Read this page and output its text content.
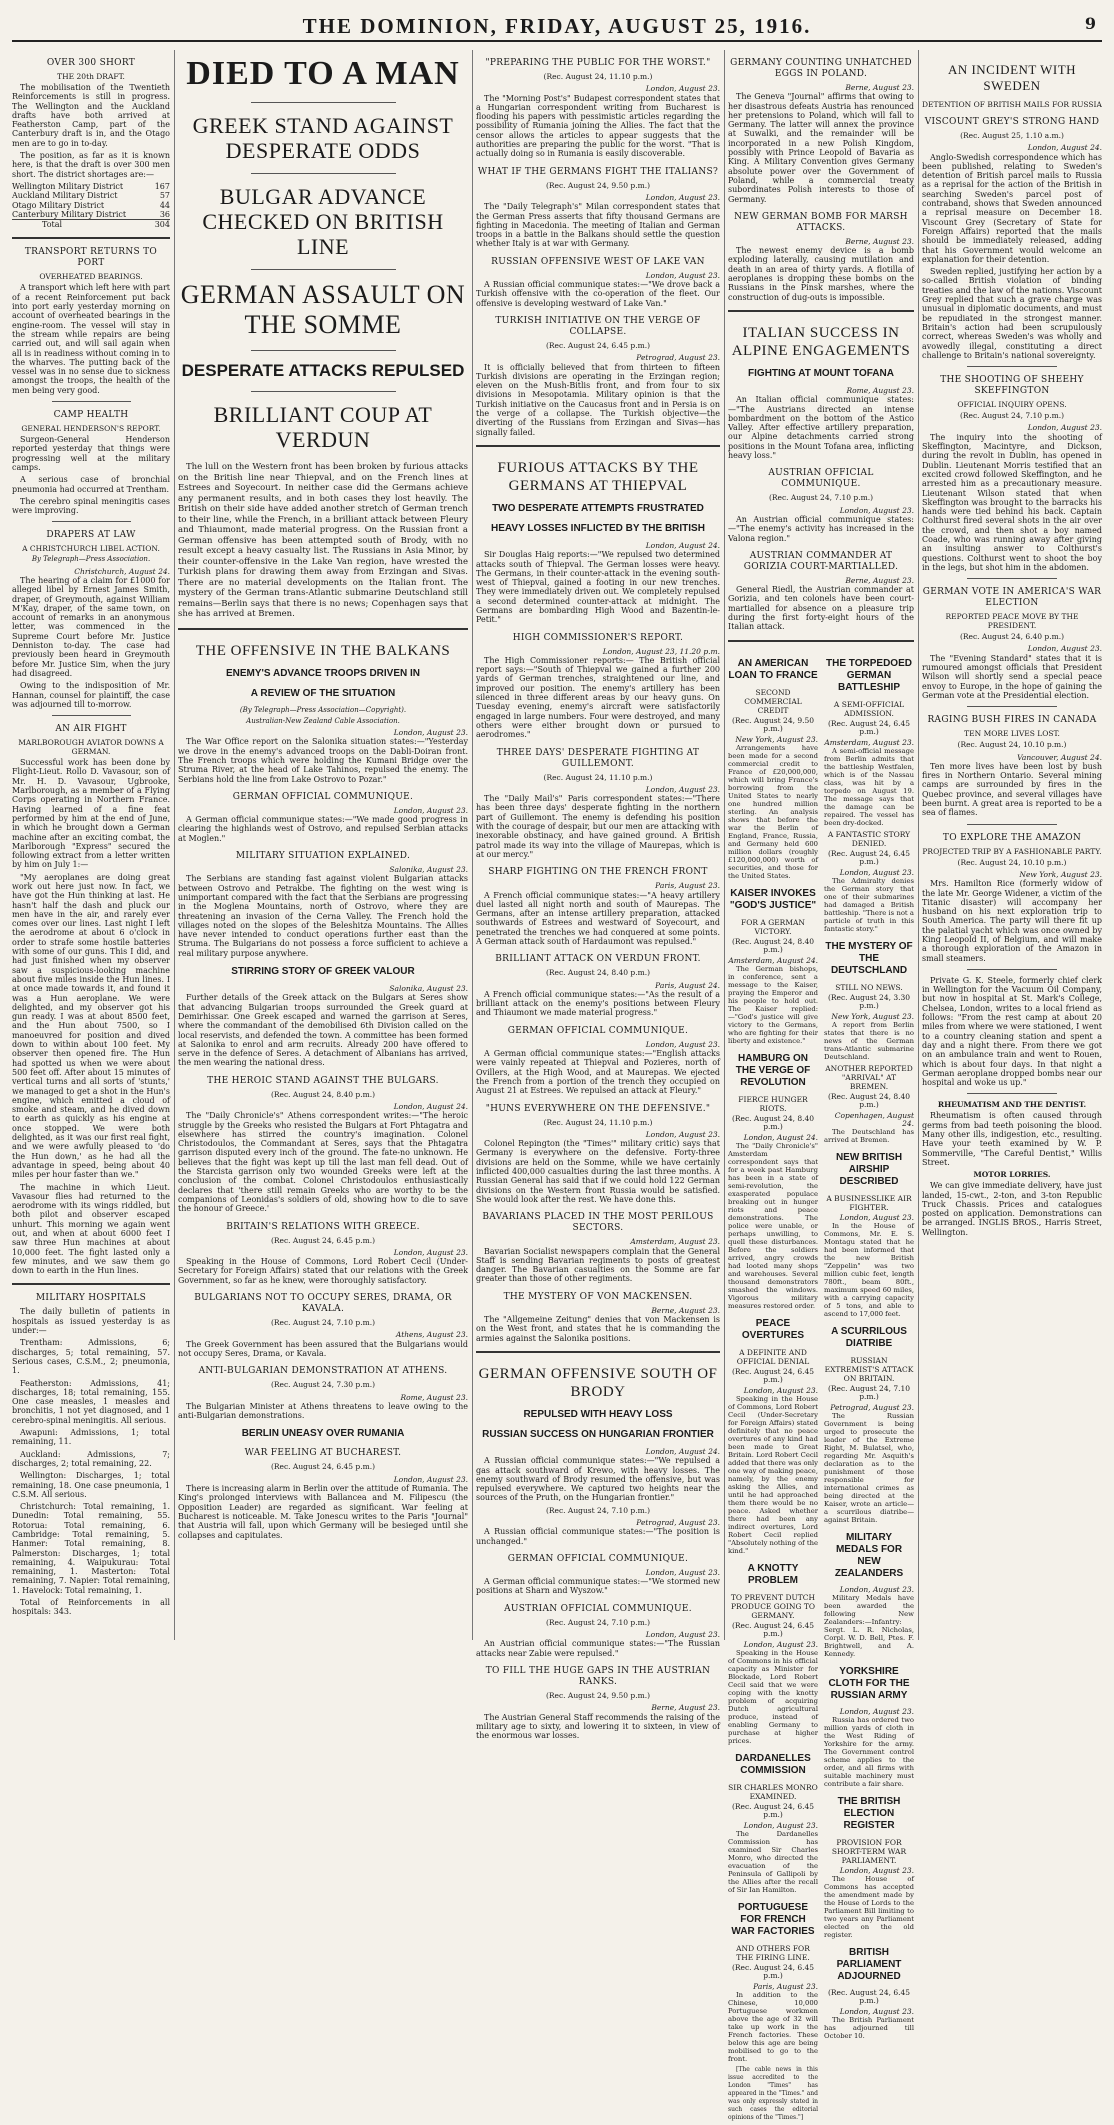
THE DOMINION, FRIDAY, AUGUST 25, 1916.	9
OVER 300 SHORT
THE 20th DRAFT.

The mobilisation of the Twentieth Reinforcements is still in progress. The Wellington and the Auckland drafts have both arrived at Featherston Camp, part of the Canterbury draft is in, and the Otago men are to go in to-day.

The position, as far as it is known here, is that the draft is over 300 men short. The district shortages are:—

Wellington Military District	167
Auckland Military District	57
Otago Military District	44
Canterbury Military District	36
Total	304
TRANSPORT RETURNS TO PORT
OVERHEATED BEARINGS.

A transport which left here with part of a recent Reinforcement put back into port early yesterday morning on account of overheated bearings in the engine-room. The vessel will stay in the stream while repairs are being carried out, and will sail again when all is in readiness without coming in to the wharves. The putting back of the vessel was in no sense due to sickness amongst the troops, the health of the men being very good.

CAMP HEALTH
GENERAL HENDERSON'S REPORT.

Surgeon-General Henderson reported yesterday that things were progressing well at the military camps.

A serious case of bronchial pneumonia had occurred at Trentham.

The cerebro spinal meningitis cases were improving.

DRAPERS AT LAW
A CHRISTCHURCH LIBEL ACTION.
By Telegraph—Press Association.
Christchurch, August 24.

The hearing of a claim for £1000 for alleged libel by Ernest James Smith, draper, of Greymouth, against William M'Kay, draper, of the same town, on account of remarks in an anonymous letter, was commenced in the Supreme Court before Mr. Justice Denniston to-day. The case had previously been heard in Greymouth before Mr. Justice Sim, when the jury had disagreed.

Owing to the indisposition of Mr. Hannan, counsel for plaintiff, the case was adjourned till to-morrow.

AN AIR FIGHT
MARLBOROUGH AVIATOR DOWNS A GERMAN.

Successful work has been done by Flight-Lieut. Rollo D. Vavasour, son of Mr. H. D. Vavasour, Ugbrooke, Marlborough, as a member of a Flying Corps operating in Northern France. Having learned of a fine feat performed by him at the end of June, in which he brought down a German machine after an exciting combat, the Marlborough "Express" secured the following extract from a letter written by him on July 1:—

"My aeroplanes are doing great work out here just now. In fact, we have got the Hun thinking at last. He hasn't half the dash and pluck our men have in the air, and rarely ever comes over our lines. Last night I left the aerodrome at about 6 o'clock in order to strafe some hostile batteries with some of our guns. This I did, and had just finished when my observer saw a suspicious-looking machine about five miles inside the Hun lines. I at once made towards it, and found it was a Hun aeroplane. We were delighted, and my observer got his gun ready. I was at about 8500 feet, and the Hun about 7500, so I manoeuvred for position and dived down to within about 100 feet. My observer then opened fire. The Hun had spotted us when we were about 500 feet off. After about 15 minutes of vertical turns and all sorts of 'stunts,' we managed to get a shot in the Hun's engine, which emitted a cloud of smoke and steam, and he dived down to earth as quickly as his engine at once stopped. We were both delighted, as it was our first real fight, and we were awfully pleased to 'do the Hun down,' as he had all the advantage in speed, being about 40 miles per hour faster than we."

The machine in which Lieut. Vavasour flies had returned to the aerodrome with its wings riddled, but both pilot and observer escaped unhurt. This morning we again went out, and when at about 6000 feet I saw three Hun machines at about 10,000 feet. The fight lasted only a few minutes, and we saw them go down to earth in the Hun lines.

MILITARY HOSPITALS

The daily bulletin of patients in hospitals as issued yesterday is as under:—

Trentham: Admissions, 6; discharges, 5; total remaining, 57. Serious cases, C.S.M., 2; pneumonia, 1.

Featherston: Admissions, 41; discharges, 18; total remaining, 155. One case measles, 1 measles and bronchitis, 1 not yet diagnosed, and 1 cerebro-spinal meningitis. All serious.

Awapuni: Admissions, 1; total remaining, 11.

Auckland: Admissions, 7; discharges, 2; total remaining, 22.

Wellington: Discharges, 1; total remaining, 18. One case pneumonia, 1 C.S.M. All serious.

Christchurch: Total remaining, 1. Dunedin: Total remaining, 55. Rotorua: Total remaining, 6. Cambridge: Total remaining, 5. Hanmer: Total remaining, 8. Palmerston: Discharges, 1; total remaining, 4. Waipukurau: Total remaining, 1. Masterton: Total remaining, 7. Napier: Total remaining, 1. Havelock: Total remaining, 1.

Total of Reinforcements in all hospitals: 343.

DIED TO A MAN
GREEK STAND AGAINST DESPERATE ODDS
BULGAR ADVANCE CHECKED ON BRITISH LINE
GERMAN ASSAULT ON THE SOMME
DESPERATE ATTACKS REPULSED
BRILLIANT COUP AT VERDUN

The lull on the Western front has been broken by furious attacks on the British line near Thiepval, and on the French lines at Estrees and Soyecourt. In neither case did the Germans achieve any permanent results, and in both cases they lost heavily. The British on their side have added another stretch of German trench to their line, while the French, in a brilliant attack between Fleury and Thiaumont, made material progress. On the Russian front a German offensive has been attempted south of Brody, with no result except a heavy casualty list. The Russians in Asia Minor, by their counter-offensive in the Lake Van region, have wrested the Turkish plans for drawing them away from Erzingan and Sivas. There are no material developments on the Italian front. The mystery of the German trans-Atlantic submarine Deutschland still remains—Berlin says that there is no news; Copenhagen says that she has arrived at Bremen.

THE OFFENSIVE IN THE BALKANS
ENEMY'S ADVANCE TROOPS DRIVEN IN
A REVIEW OF THE SITUATION
(By Telegraph—Press Association—Copyright).
Australian-New Zealand Cable Association.
London, August 23.

The War Office report on the Salonika situation states:—"Yesterday we drove in the enemy's advanced troops on the Dabli-Doiran front. The French troops which were holding the Kumani Bridge over the Struma River, at the head of Lake Tahinos, repulsed the enemy. The Serbians hold the line from Lake Ostrovo to Pozar."

GERMAN OFFICIAL COMMUNIQUE.
London, August 23.

A German official communique states:—"We made good progress in clearing the highlands west of Ostrovo, and repulsed Serbian attacks at Moglen."

MILITARY SITUATION EXPLAINED.
Salonika, August 23.

The Serbians are standing fast against violent Bulgarian attacks between Ostrovo and Petrakbe. The fighting on the west wing is unimportant compared with the fact that the Serbians are progressing in the Moglena Mountains, north of Ostrovo, where they are threatening an invasion of the Cerna Valley. The French hold the villages noted on the slopes of the Beleshitza Mountains. The Allies have never intended to conduct operations further east than the Struma. The Bulgarians do not possess a force sufficient to achieve a real military purpose anywhere.

STIRRING STORY OF GREEK VALOUR
Salonika, August 23.

Further details of the Greek attack on the Bulgars at Seres show that advancing Bulgarian troops surrounded the Greek guard at Demirhissar. One Greek escaped and warned the garrison at Seres, where the commandant of the demobilised 6th Division called on the local reservists, and defended the town. A committee has been formed at Salonika to enrol and arm recruits. Already 200 have offered to serve in the defence of Seres. A detachment of Albanians has arrived, the men wearing the national dress.

THE HEROIC STAND AGAINST THE BULGARS.
(Rec. August 24, 8.40 p.m.)
London, August 24.

The "Daily Chronicle's" Athens correspondent writes:—"The heroic struggle by the Greeks who resisted the Bulgars at Fort Phtagatra and elsewhere has stirred the country's imagination. Colonel Christodoulos, the Commandant at Seres, says that the Phtagatra garrison disputed every inch of the ground. The fate-no unknown. He believes that the fight was kept up till the last man fell dead. Out of the Starcista garrison only two wounded Greeks were left at the conclusion of the combat. Colonel Christodoulos enthusiastically declares that 'there still remain Greeks who are worthy to be the companions of Leonidas's soldiers of old, showing how to die to save the honour of Greece.'

BRITAIN'S RELATIONS WITH GREECE.
(Rec. August 24, 6.45 p.m.)
London, August 23.

Speaking in the House of Commons, Lord Robert Cecil (Under-Secretary for Foreign Affairs) stated that our relations with the Greek Government, so far as he knew, were thoroughly satisfactory.

BULGARIANS NOT TO OCCUPY SERES, DRAMA, OR KAVALA.
(Rec. August 24, 7.10 p.m.)
Athens, August 23.

The Greek Government has been assured that the Bulgarians would not occupy Seres, Drama, or Kavala.

ANTI-BULGARIAN DEMONSTRATION AT ATHENS.
(Rec. August 24, 7.30 p.m.)
Rome, August 23.

The Bulgarian Minister at Athens threatens to leave owing to the anti-Bulgarian demonstrations.

BERLIN UNEASY OVER RUMANIA
WAR FEELING AT BUCHAREST.
(Rec. August 24, 6.45 p.m.)
London, August 23.

There is increasing alarm in Berlin over the attitude of Rumania. The King's prolonged interviews with Ballancea and M. Filipescu (the Opposition Leader) are regarded as significant. War feeling at Bucharest is noticeable. M. Take Jonescu writes to the Paris "Journal" that Austria will fall, upon which Germany will be besieged until she collapses and capitulates.

"PREPARING THE PUBLIC FOR THE WORST."
(Rec. August 24, 11.10 p.m.)
London, August 23.

The "Morning Post's" Budapest correspondent states that a Hungarian correspondent writing from Bucharest is flooding his papers with pessimistic articles regarding the possibility of Rumania joining the Allies. The fact that the censor allows the articles to appear suggests that the authorities are preparing the public for the worst. "That is actually doing so in Rumania is easily discoverable.

WHAT IF THE GERMANS FIGHT THE ITALIANS?
(Rec. August 24, 9.50 p.m.)
London, August 23.

The "Daily Telegraph's" Milan correspondent states that the German Press asserts that fifty thousand Germans are fighting in Macedonia. The meeting of Italian and German troops in a battle in the Balkans should settle the question whether Italy is at war with Germany.

RUSSIAN OFFENSIVE WEST OF LAKE VAN
London, August 23.

A Russian official communique states:—"We drove back a Turkish offensive with the co-operation of the fleet. Our offensive is developing westward of Lake Van."

TURKISH INITIATIVE ON THE VERGE OF COLLAPSE.
(Rec. August 24, 6.45 p.m.)
Petrograd, August 23.

It is officially believed that from thirteen to fifteen Turkish divisions are operating in the Erzingan region; eleven on the Mush-Bitlis front, and from four to six divisions in Mesopotamia. Military opinion is that the Turkish initiative on the Caucasus front and in Persia is on the verge of a collapse. The Turkish objective—the diverting of the Russians from Erzingan and Sivas—has signally failed.

FURIOUS ATTACKS BY THE GERMANS AT THIEPVAL
TWO DESPERATE ATTEMPTS FRUSTRATED
HEAVY LOSSES INFLICTED BY THE BRITISH
London, August 24.

Sir Douglas Haig reports:—"We repulsed two determined attacks south of Thiepval. The German losses were heavy. The Germans, in their counter-attack in the evening south-west of Thiepval, gained a footing in our new trenches. They were immediately driven out. We completely repulsed a second determined counter-attack at midnight. The Germans are bombarding High Wood and Bazentin-le-Petit."

HIGH COMMISSIONER'S REPORT.
London, August 23, 11.20 p.m.

The High Commissioner reports:— The British official report says:—"South of Thiepval we gained a further 200 yards of German trenches, straightened our line, and improved our position. The enemy's artillery has been silenced in three different areas by our heavy guns. On Tuesday evening, enemy's aircraft were satisfactorily engaged in large numbers. Four were destroyed, and many others were either brought down or pursued to aerodromes."

THREE DAYS' DESPERATE FIGHTING AT GUILLEMONT.
(Rec. August 24, 11.10 p.m.)
London, August 23.

The "Daily Mail's" Paris correspondent states:—"There has been three days' desperate fighting in the northern part of Guillemont. The enemy is defending his position with the courage of despair, but our men are attacking with inexorable obstinacy, and have gained ground. A British patrol made its way into the village of Maurepas, which is at our mercy."

SHARP FIGHTING ON THE FRENCH FRONT
Paris, August 23.

A French official communique states:—"A heavy artillery duel lasted all night north and south of Maurepas. The Germans, after an intense artillery preparation, attacked southwards of Estrees and westward of Soyecourt, and penetrated the trenches we had conquered at some points. A German attack south of Hardaumont was repulsed."

BRILLIANT ATTACK ON VERDUN FRONT.
(Rec. August 24, 8.40 p.m.)
Paris, August 24.

A French official communique states:—"As the result of a brilliant attack on the enemy's positions between Fleury and Thiaumont we made material progress."

GERMAN OFFICIAL COMMUNIQUE.
London, August 23.

A German official communique states:—"English attacks were vainly repeated at Thiepval and Pozieres, north of Ovillers, at the High Wood, and at Maurepas. We ejected the French from a portion of the trench they occupied on August 21 at Estrees. We repulsed an attack at Fleury."

"HUNS EVERYWHERE ON THE DEFENSIVE."
(Rec. August 24, 11.10 p.m.)
London, August 23.

Colonel Repington (the "Times'" military critic) says that Germany is everywhere on the defensive. Forty-three divisions are held on the Somme, while we have certainly inflicted 400,000 casualties during the last three months. A Russian General has said that if we could hold 122 German divisions on the Western front Russia would be satisfied. She would look after the rest. We have done this.

BAVARIANS PLACED IN THE MOST PERILOUS SECTORS.
Amsterdam, August 23.

Bavarian Socialist newspapers complain that the General Staff is sending Bavarian regiments to posts of greatest danger. The Bavarian casualties on the Somme are far greater than those of other regiments.

THE MYSTERY OF VON MACKENSEN.
Berne, August 23.

The "Allgemeine Zeitung" denies that von Mackensen is on the West front, and states that he is commanding the armies against the Salonika positions.

GERMAN OFFENSIVE SOUTH OF BRODY
REPULSED WITH HEAVY LOSS
RUSSIAN SUCCESS ON HUNGARIAN FRONTIER
London, August 24.

A Russian official communique states:—"We repulsed a gas attack southward of Krewo, with heavy losses. The enemy southward of Brody resumed the offensive, but was repulsed everywhere. We captured two heights near the sources of the Pruth, on the Hungarian frontier."

(Rec. August 24, 7.10 p.m.)
Petrograd, August 23.

A Russian official communique states:—"The position is unchanged."

GERMAN OFFICIAL COMMUNIQUE.
London, August 23.

A German official communique states:—"We stormed new positions at Sharn and Wyszow."

AUSTRIAN OFFICIAL COMMUNIQUE.
(Rec. August 24, 7.10 p.m.)
London, August 23.

An Austrian official communique states:—"The Russian attacks near Zabie were repulsed."

TO FILL THE HUGE GAPS IN THE AUSTRIAN RANKS.
(Rec. August 24, 9.50 p.m.)
Berne, August 23.

The Austrian General Staff recommends the raising of the military age to sixty, and lowering it to sixteen, in view of the enormous war losses.

GERMANY COUNTING UNHATCHED EGGS IN POLAND.
Berne, August 23.

The Geneva "Journal" affirms that owing to her disastrous defeats Austria has renounced her pretensions to Poland, which will fall to Germany. The latter will annex the province at Suwalki, and the remainder will be incorporated in a new Polish Kingdom, possibly with Prince Leopold of Bavaria as King. A Military Convention gives Germany absolute power over the Government of Poland, while a commercial treaty subordinates Polish interests to those of Germany.

NEW GERMAN BOMB FOR MARSH ATTACKS.
Berne, August 23.

The newest enemy device is a bomb exploding laterally, causing mutilation and death in an area of thirty yards. A flotilla of aeroplanes is dropping these bombs on the Russians in the Pinsk marshes, where the construction of dug-outs is impossible.

ITALIAN SUCCESS IN ALPINE ENGAGEMENTS
FIGHTING AT MOUNT TOFANA
Rome, August 23.

An Italian official communique states:—"The Austrians directed an intense bombardment on the bottom of the Astico Valley. After effective artillery preparation, our Alpine detachments carried strong positions in the Mount Tofana area, inflicting heavy loss."

AUSTRIAN OFFICIAL COMMUNIQUE.
(Rec. August 24, 7.10 p.m.)
London, August 23.

An Austrian official communique states:—"The enemy's activity has increased in the Valona region."

AUSTRIAN COMMANDER AT GORIZIA COURT-MARTIALLED.
Berne, August 23.

General Riedl, the Austrian commander at Gorizia, and ten colonels have been court-martialled for absence on a pleasure trip during the first forty-eight hours of the Italian attack.

AN AMERICAN LOAN TO FRANCE
SECOND COMMERCIAL CREDIT
(Rec. August 24, 9.50 p.m.)
New York, August 23.

Arrangements have been made for a second commercial credit to France of £20,000,000, which will bring France's borrowing from the United States to nearly one hundred million sterling. An analysis shows that before the war the Berlin of England, France, Russia, and Germany held 600 million dollars (roughly £120,000,000) worth of securities, and those for the United States.

KAISER INVOKES "GOD'S JUSTICE"
FOR A GERMAN VICTORY.
(Rec. August 24, 8.40 p.m.)
Amsterdam, August 24.

The German bishops, in conference, sent a message to the Kaiser, praying the Emperor and his people to hold out. The Kaiser replied:—"God's justice will give victory to the Germans, who are fighting for their liberty and existence."

HAMBURG ON THE VERGE OF REVOLUTION
FIERCE HUNGER RIOTS.
(Rec. August 24, 8.40 p.m.)
London, August 24.

The "Daily Chronicle's" Amsterdam correspondent says that for a week past Hamburg has been in a state of semi-revolution, the exasperated populace breaking out in hunger riots and peace demonstrations. The police were unable, or perhaps unwilling, to quell these disturbances. Before the soldiers arrived, angry crowds had looted many shops and warehouses. Several thousand demonstrators smashed the windows. Vigorous military measures restored order.

PEACE OVERTURES
A DEFINITE AND OFFICIAL DENIAL
(Rec. August 24, 6.45 p.m.)
London, August 23.

Speaking in the House of Commons, Lord Robert Cecil (Under-Secretary for Foreign Affairs) stated definitely that no peace overtures of any kind had been made to Great Britain. Lord Robert Cecil added that there was only one way of making peace, namely, by the enemy asking the Allies, and until he had approached them there would be no peace. Asked whether there had been any indirect overtures, Lord Robert Cecil replied "Absolutely nothing of the kind."

A KNOTTY PROBLEM
TO PREVENT DUTCH PRODUCE GOING TO GERMANY.
(Rec. August 24, 6.45 p.m.)
London, August 23.

Speaking in the House of Commons in his official capacity as Minister for Blockade, Lord Robert Cecil said that we were coping with the knotty problem of acquiring Dutch agricultural produce, instead of enabling Germany to purchase at higher prices.

DARDANELLES COMMISSION
SIR CHARLES MONRO EXAMINED.
(Rec. August 24, 6.45 p.m.)
London, August 23.

The Dardanelles Commission has examined Sir Charles Monro, who directed the evacuation of the Peninsula of Gallipoli by the Allies after the recall of Sir Ian Hamilton.

PORTUGUESE FOR FRENCH WAR FACTORIES
AND OTHERS FOR THE FIRING LINE.
(Rec. August 24, 6.45 p.m.)
Paris, August 23.

In addition to the Chinese, 10,000 Portuguese workmen above the age of 32 will take up work in the French factories. These below this age are being mobilised to go to the front.

[The cable news in this issue accredited to the London "Times" has appeared in the "Times." and was only expressly stated in such cases the editorial opinions of the "Times."]

THE TORPEDOED GERMAN BATTLESHIP
A SEMI-OFFICIAL ADMISSION.
(Rec. August 24, 6.45 p.m.)
Amsterdam, August 23.

A semi-official message from Berlin admits that the battleship Westfalen, which is of the Nassau class, was hit by a torpedo on August 19. The message says that the damage can be repaired. The vessel has been dry-docked.

A FANTASTIC STORY DENIED.
(Rec. August 24, 6.45 p.m.)
London, August 23.

The Admiralty denies the German story that one of their submarines had damaged a British battleship. "There is not a particle of truth in this fantastic story."

THE MYSTERY OF THE DEUTSCHLAND
STILL NO NEWS.
(Rec. August 24, 3.30 p.m.)
New York, August 23.

A report from Berlin states that there is no news of the German trans-Atlantic submarine Deutschland.

ANOTHER REPORTED "ARRIVAL" AT BREMEN.
(Rec. August 24, 8.40 p.m.)
Copenhagen, August 24.

The Deutschland has arrived at Bremen.

NEW BRITISH AIRSHIP DESCRIBED
A BUSINESSLIKE AIR FIGHTER.
London, August 23.

In the House of Commons, Mr. E. S. Montagu stated that he had been informed that the new British "Zeppelin" was two million cubic feet, length 780ft., beam 80ft., maximum speed 60 miles, with a carrying capacity of 5 tons, and able to ascend to 17,000 feet.

A SCURRILOUS DIATRIBE
RUSSIAN EXTREMIST'S ATTACK ON BRITAIN.
(Rec. August 24, 7.10 p.m.)
Petrograd, August 23.

The Russian Government is being urged to prosecute the leader of the Extreme Right, M. Bulatsel, who, regarding Mr. Asquith's declaration as to the punishment of those responsible for international crimes as being directed at the Kaiser, wrote an article—a scurrilous diatribe—against Britain.

MILITARY MEDALS FOR NEW ZEALANDERS
London, August 23.

Military Medals have been awarded the following New Zealanders:—Infantry: Sergt. L. R. Nicholas, Corpl. W. D. Bell, Ptes. F. Brightwell, and A. Kennedy.

YORKSHIRE CLOTH FOR THE RUSSIAN ARMY
London, August 23.

Russia has ordered two million yards of cloth in the West Riding of Yorkshire for the army. The Government control scheme applies to the order, and all firms with suitable machinery must contribute a fair share.

THE BRITISH ELECTION REGISTER
PROVISION FOR SHORT-TERM WAR PARLIAMENT.
London, August 23.

The House of Commons has accepted the amendment made by the House of Lords to the Parliament Bill limiting to two years any Parliament elected on the old register.

BRITISH PARLIAMENT ADJOURNED
(Rec. August 24, 6.45 p.m.)
London, August 23.

The British Parliament has adjourned till October 10.

AN INCIDENT WITH SWEDEN
DETENTION OF BRITISH MAILS FOR RUSSIA
VISCOUNT GREY'S STRONG HAND
(Rec. August 25, 1.10 a.m.)
London, August 24.

Anglo-Swedish correspondence which has been published, relating to Sweden's detention of British parcel mails to Russia as a reprisal for the action of the British in searching Sweden's parcel post of contraband, shows that Sweden announced a reprisal measure on December 18. Viscount Grey (Secretary of State for Foreign Affairs) reported that the mails should be immediately released, adding that his Government would welcome an explanation for their detention.

Sweden replied, justifying her action by a so-called British violation of binding treaties and the law of the nations. Viscount Grey replied that such a grave charge was unusual in diplomatic documents, and must be repudiated in the strongest manner. Britain's action had been scrupulously correct, whereas Sweden's was wholly and avowedly illegal, constituting a direct challenge to Britain's national sovereignty.

THE SHOOTING OF SHEEHY SKEFFINGTON
OFFICIAL INQUIRY OPENS.
(Rec. August 24, 7.10 p.m.)
London, August 23.

The inquiry into the shooting of Skeffington, Macintyre, and Dickson, during the revolt in Dublin, has opened in Dublin. Lieutenant Morris testified that an excited crowd followed Skeffington, and he arrested him as a precautionary measure. Lieutenant Wilson stated that when Skeffington was brought to the barracks his hands were tied behind his back. Captain Colthurst fired several shots in the air over the crowd, and then shot a boy named Coade, who was running away after giving an insulting answer to Colthurst's questions. Colthurst went to shoot the boy in the legs, but shot him in the abdomen.

GERMAN VOTE IN AMERICA'S WAR ELECTION
REPORTED PEACE MOVE BY THE PRESIDENT.
(Rec. August 24, 6.40 p.m.)
London, August 23.

The "Evening Standard" states that it is rumoured amongst officials that President Wilson will shortly send a special peace envoy to Europe, in the hope of gaining the German vote at the Presidential election.

RAGING BUSH FIRES IN CANADA
TEN MORE LIVES LOST.
(Rec. August 24, 10.10 p.m.)
Vancouver, August 24.

Ten more lives have been lost by bush fires in Northern Ontario. Several mining camps are surrounded by fires in the Quebec province, and several villages have been burnt. A great area is reported to be a sea of flames.

TO EXPLORE THE AMAZON
PROJECTED TRIP BY A FASHIONABLE PARTY.
(Rec. August 24, 10.10 p.m.)
New York, August 23.

Mrs. Hamilton Rice (formerly widow of the late Mr. George Widener, a victim of the Titanic disaster) will accompany her husband on his next exploration trip to South America. The party will there fit up the palatial yacht which was once owned by King Leopold II, of Belgium, and will make a thorough exploration of the Amazon in small steamers.

Private G. K. Steele, formerly chief clerk in Wellington for the Vacuum Oil Company, but now in hospital at St. Mark's College, Chelsea, London, writes to a local friend as follows: "From the rest camp at about 20 miles from where we were stationed, I went to a country cleaning station and spent a day and a night there. From there we got on an ambulance train and went to Rouen, which is about four days. In that night a German aeroplane dropped bombs near our hospital and woke us up."

RHEUMATISM AND THE DENTIST.

Rheumatism is often caused through germs from bad teeth poisoning the blood. Many other ills, indigestion, etc., resulting. Have your teeth examined by W. P. Sommerville, "The Careful Dentist," Willis Street.

MOTOR LORRIES.

We can give immediate delivery, have just landed, 15-cwt., 2-ton, and 3-ton Republic Truck Chassis. Prices and catalogues posted on application. Demonstrations can be arranged. INGLIS BROS., Harris Street, Wellington.
